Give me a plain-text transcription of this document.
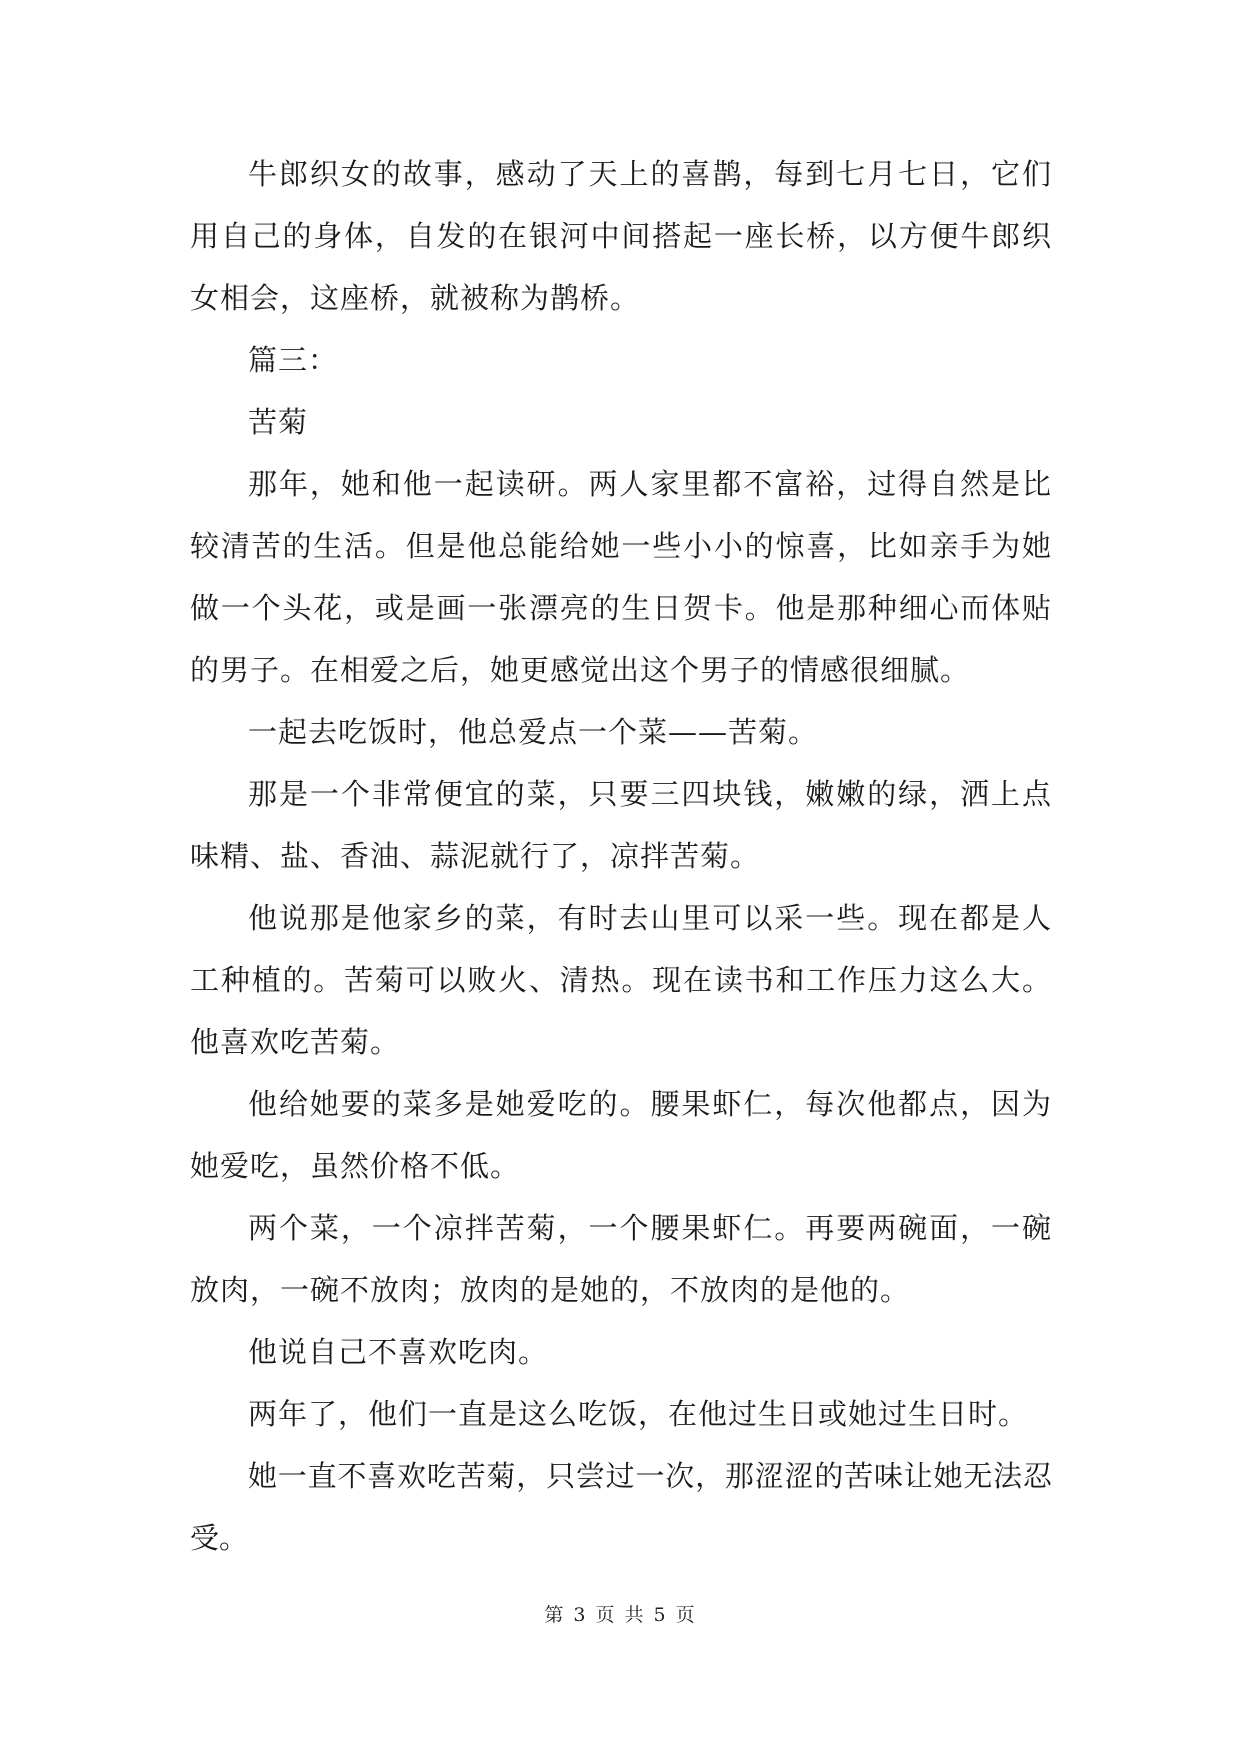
牛郎织女的故事，感动了天上的喜鹊，每到七月七日，它们用自己的身体，自发的在银河中间搭起一座长桥，以方便牛郎织女相会，这座桥，就被称为鹊桥。

篇三：

苦菊

那年，她和他一起读研。两人家里都不富裕，过得自然是比较清苦的生活。但是他总能给她一些小小的惊喜，比如亲手为她做一个头花，或是画一张漂亮的生日贺卡。他是那种细心而体贴的男子。在相爱之后，她更感觉出这个男子的情感很细腻。

一起去吃饭时，他总爱点一个菜——苦菊。

那是一个非常便宜的菜，只要三四块钱，嫩嫩的绿，洒上点味精、盐、香油、蒜泥就行了，凉拌苦菊。

他说那是他家乡的菜，有时去山里可以采一些。现在都是人工种植的。苦菊可以败火、清热。现在读书和工作压力这么大。他喜欢吃苦菊。

他给她要的菜多是她爱吃的。腰果虾仁，每次他都点，因为她爱吃，虽然价格不低。

两个菜，一个凉拌苦菊，一个腰果虾仁。再要两碗面，一碗放肉，一碗不放肉；放肉的是她的，不放肉的是他的。

他说自己不喜欢吃肉。

两年了，他们一直是这么吃饭，在他过生日或她过生日时。

她一直不喜欢吃苦菊，只尝过一次，那涩涩的苦味让她无法忍受。

第 3 页 共 5 页
